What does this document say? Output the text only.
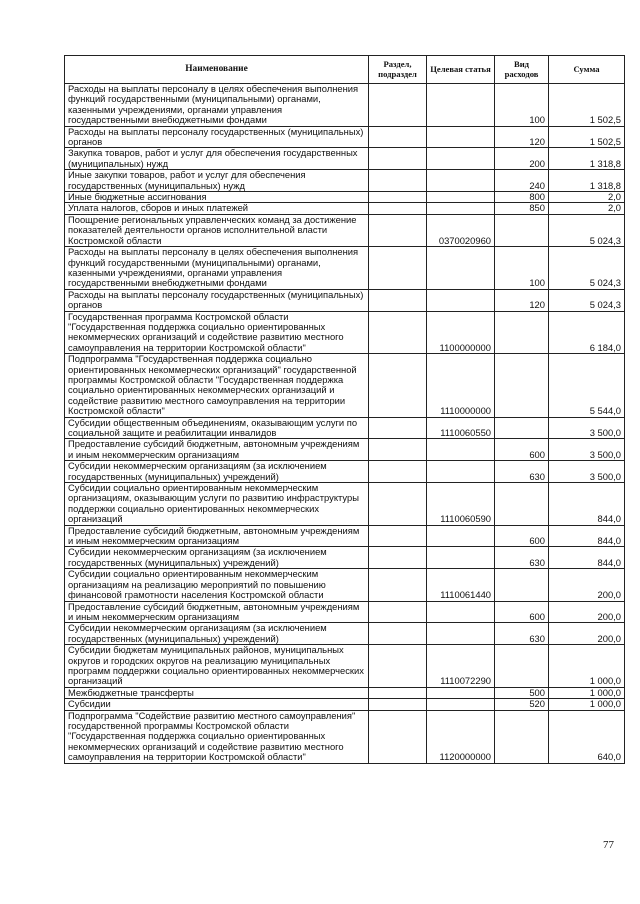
Наименование	Раздел, подраздел	Целевая статья	Вид расходов	Сумма
Расходы на выплаты персоналу в целях обеспечения выполнения функций государственными (муниципальными) органами, казенными учреждениями, органами управления государственными внебюджетными фондами			100	1 502,5
Расходы на выплаты персоналу государственных (муниципальных) органов			120	1 502,5
Закупка товаров, работ и услуг для обеспечения государственных (муниципальных) нужд			200	1 318,8
Иные закупки товаров, работ и услуг для обеспечения государственных (муниципальных) нужд			240	1 318,8
Иные бюджетные ассигнования			800	2,0
Уплата налогов, сборов и иных платежей			850	2,0
Поощрение региональных управленческих команд за достижение показателей деятельности органов исполнительной власти Костромской области		0370020960		5 024,3
Расходы на выплаты персоналу в целях обеспечения выполнения функций государственными (муниципальными) органами, казенными учреждениями, органами управления государственными внебюджетными фондами			100	5 024,3
Расходы на выплаты персоналу государственных (муниципальных) органов			120	5 024,3
Государственная программа Костромской области "Государственная поддержка социально ориентированных некоммерческих организаций и содействие развитию местного самоуправления на территории Костромской области"		1100000000		6 184,0
Подпрограмма "Государственная поддержка социально ориентированных некоммерческих организаций" государственной программы Костромской области "Государственная поддержка социально ориентированных некоммерческих организаций и содействие развитию местного самоуправления на территории Костромской области"		1110000000		5 544,0
Субсидии общественным объединениям, оказывающим услуги по социальной защите и реабилитации инвалидов		1110060550		3 500,0
Предоставление субсидий бюджетным, автономным учреждениям и иным некоммерческим организациям			600	3 500,0
Субсидии некоммерческим организациям (за исключением государственных (муниципальных) учреждений)			630	3 500,0
Субсидии социально ориентированным некоммерческим организациям, оказывающим услуги по развитию инфраструктуры поддержки социально ориентированных некоммерческих организаций		1110060590		844,0
Предоставление субсидий бюджетным, автономным учреждениям и иным некоммерческим организациям			600	844,0
Субсидии некоммерческим организациям (за исключением государственных (муниципальных) учреждений)			630	844,0
Субсидии социально ориентированным некоммерческим организациям на реализацию мероприятий по повышению финансовой грамотности населения Костромской области		1110061440		200,0
Предоставление субсидий бюджетным, автономным учреждениям и иным некоммерческим организациям			600	200,0
Субсидии некоммерческим организациям (за исключением государственных (муниципальных) учреждений)			630	200,0
Субсидии бюджетам муниципальных районов, муниципальных округов и городских округов на реализацию муниципальных программ поддержки социально ориентированных некоммерческих организаций		1110072290		1 000,0
Межбюджетные трансферты			500	1 000,0
Субсидии			520	1 000,0
Подпрограмма "Содействие развитию местного самоуправления" государственной программы Костромской области "Государственная поддержка социально ориентированных некоммерческих организаций и содействие развитию местного самоуправления на территории Костромской области"		1120000000		640,0
77
